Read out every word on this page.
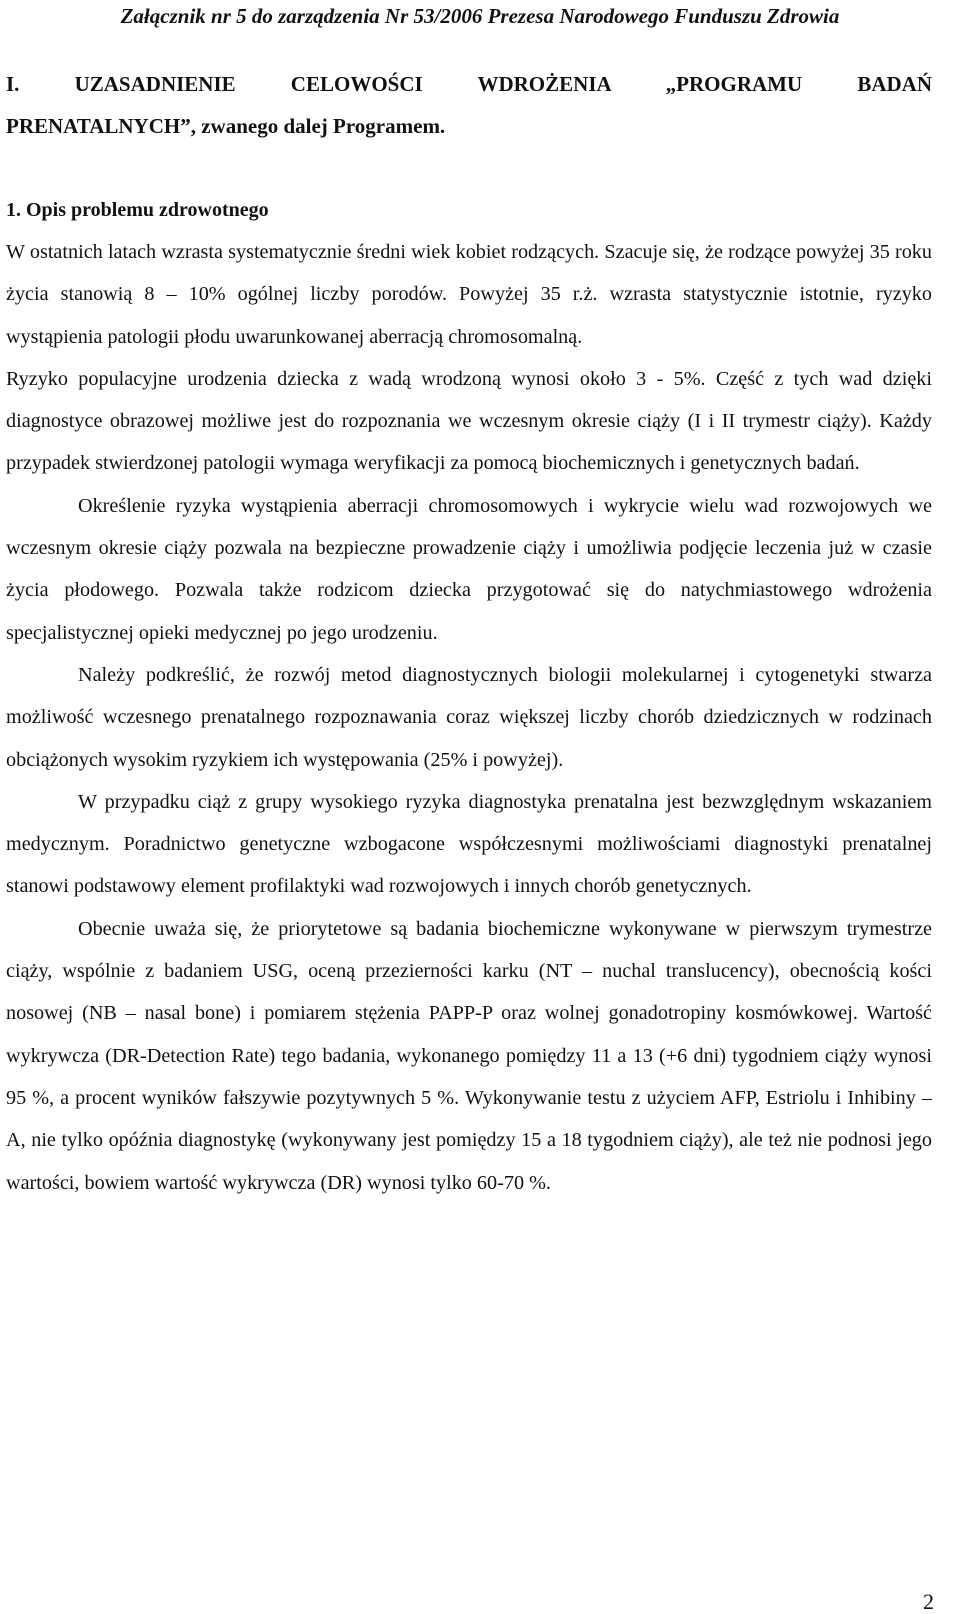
Załącznik nr 5 do zarządzenia Nr 53/2006 Prezesa Narodowego Funduszu Zdrowia
I. UZASADNIENIE CELOWOŚCI WDROŻENIA „PROGRAMU BADAŃ
PRENATALNYCH”, zwanego dalej Programem.
1. Opis problemu zdrowotnego

W ostatnich latach wzrasta systematycznie średni wiek kobiet rodzących. Szacuje się, że rodzące powyżej 35 roku życia stanowią 8 – 10% ogólnej liczby porodów. Powyżej 35 r.ż. wzrasta statystycznie istotnie, ryzyko wystąpienia patologii płodu uwarunkowanej aberracją chromosomalną.

Ryzyko populacyjne urodzenia dziecka z wadą wrodzoną wynosi około 3 - 5%. Część z tych wad dzięki diagnostyce obrazowej możliwe jest do rozpoznania we wczesnym okresie ciąży (I i II trymestr ciąży). Każdy przypadek stwierdzonej patologii wymaga weryfikacji za pomocą biochemicznych i genetycznych badań.

Określenie ryzyka wystąpienia aberracji chromosomowych i wykrycie wielu wad rozwojowych we wczesnym okresie ciąży pozwala na bezpieczne prowadzenie ciąży i umożliwia podjęcie leczenia już w czasie życia płodowego. Pozwala także rodzicom dziecka przygotować się do natychmiastowego wdrożenia specjalistycznej opieki medycznej po jego urodzeniu.

Należy podkreślić, że rozwój metod diagnostycznych biologii molekularnej i cytogenetyki stwarza możliwość wczesnego prenatalnego rozpoznawania coraz większej liczby chorób dziedzicznych w rodzinach obciążonych wysokim ryzykiem ich występowania (25% i powyżej).

W przypadku ciąż z grupy wysokiego ryzyka diagnostyka prenatalna jest bezwzględnym wskazaniem medycznym. Poradnictwo genetyczne wzbogacone współczesnymi możliwościami diagnostyki prenatalnej stanowi podstawowy element profilaktyki wad rozwojowych i innych chorób genetycznych.

Obecnie uważa się, że priorytetowe są badania biochemiczne wykonywane w pierwszym trymestrze ciąży, wspólnie z badaniem USG, oceną przezierności karku (NT – nuchal translucency), obecnością kości nosowej (NB – nasal bone) i pomiarem stężenia PAPP-P oraz wolnej gonadotropiny kosmówkowej. Wartość wykrywcza (DR-Detection Rate) tego badania, wykonanego pomiędzy 11 a 13 (+6 dni) tygodniem ciąży wynosi 95 %, a procent wyników fałszywie pozytywnych 5 %. Wykonywanie testu z użyciem AFP, Estriolu i Inhibiny –A, nie tylko opóźnia diagnostykę (wykonywany jest pomiędzy 15 a 18 tygodniem ciąży), ale też nie podnosi jego wartości, bowiem wartość wykrywcza (DR) wynosi tylko 60-70 %.

2
